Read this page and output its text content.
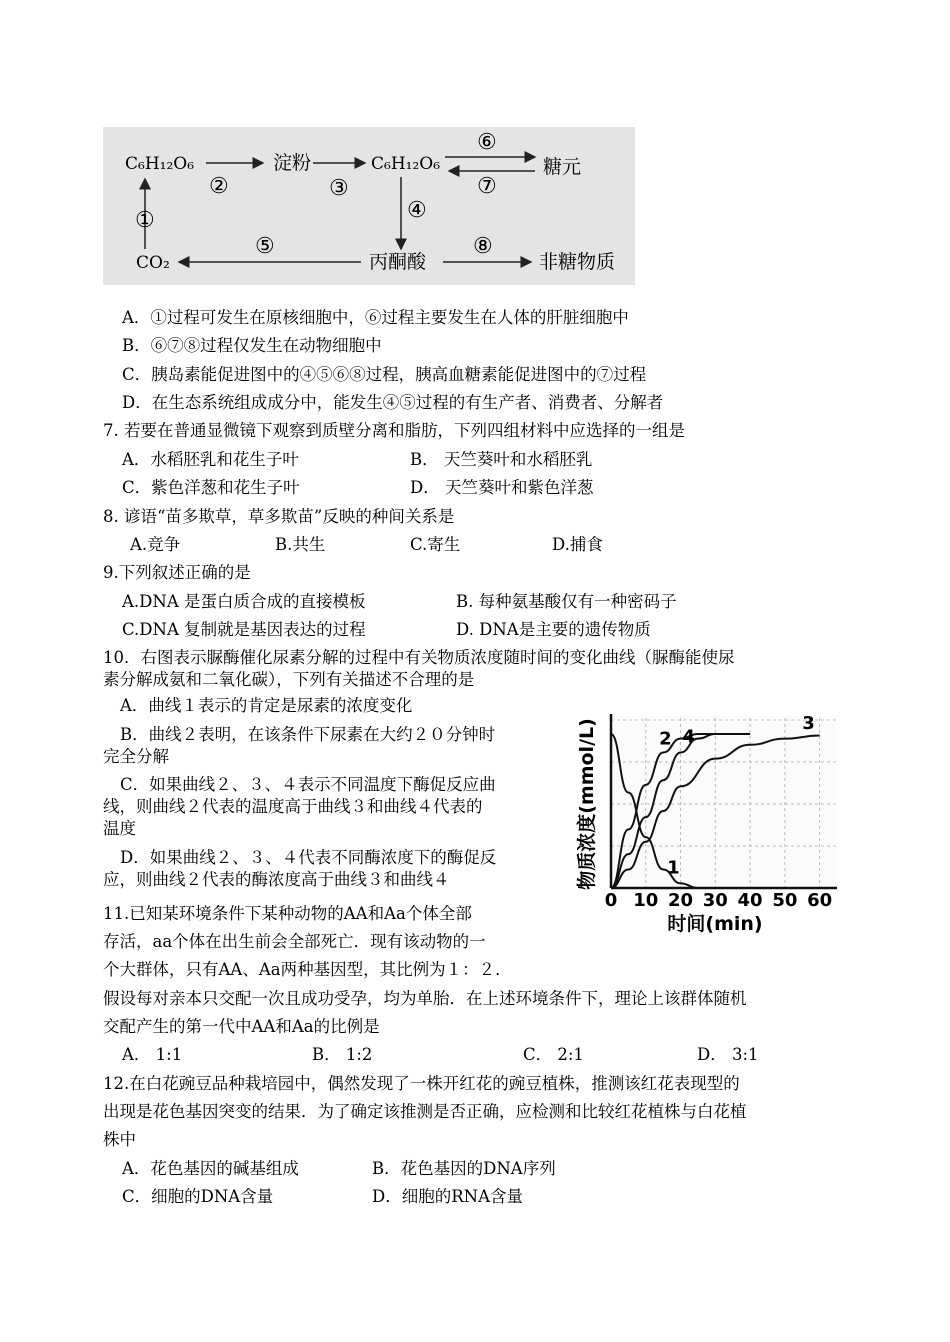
C₆H₁₂O₆	淀粉	C₆H₁₂O₆	糖元
CO₂	丙酮酸	非糖物质
①
②	③
④
⑤
⑥
⑦
⑧
A．①过程可发生在原核细胞中，⑥过程主要发生在人体的肝脏细胞中
B．⑥⑦⑧过程仅发生在动物细胞中
C．胰岛素能促进图中的④⑤⑥⑧过程，胰高血糖素能促进图中的⑦过程
D．在生态系统组成成分中，能发生④⑤过程的有生产者、消费者、分解者
7. 若要在普通显微镜下观察到质壁分离和脂肪，下列四组材料中应选择的一组是
A．水稻胚乳和花生子叶	B． 天竺葵叶和水稻胚乳
C．紫色洋葱和花生子叶	D． 天竺葵叶和紫色洋葱
8. 谚语“苗多欺草，草多欺苗”反映的种间关系是
A.竞争	B.共生	C.寄生	D.捕食
9.下列叙述正确的是
A.DNA 是蛋白质合成的直接模板	B. 每种氨基酸仅有一种密码子
C.DNA 复制就是基因表达的过程	D. DNA是主要的遗传物质
10．右图表示脲酶催化尿素分解的过程中有关物质浓度随时间的变化曲线（脲酶能使尿
素分解成氨和二氧化碳），下列有关描述不合理的是
A．曲线１表示的肯定是尿素的浓度变化
B．曲线２表明，在该条件下尿素在大约２０分钟时
完全分解
C．如果曲线２、３、４表示不同温度下酶促反应曲
线，则曲线２代表的温度高于曲线３和曲线４代表的
温度
D．如果曲线２、３、４代表不同酶浓度下的酶促反
应，则曲线２代表的酶浓度高于曲线３和曲线４
1
2 4
3
0 10 20 30 40 50 60
物质浓度(mmol/L)
时间(min)
11.已知某环境条件下某种动物的AA和Aa个体全部
存活，aa个体在出生前会全部死亡．现有该动物的一
个大群体，只有AA、Aa两种基因型，其比例为１：２．
假设每对亲本只交配一次且成功受孕，均为单胎．在上述环境条件下，理论上该群体随机
交配产生的第一代中AA和Aa的比例是
A． 1:1	B． 1:2	C． 2:1	D． 3:1
12.在白花豌豆品种栽培园中，偶然发现了一株开红花的豌豆植株，推测该红花表现型的
出现是花色基因突变的结果．为了确定该推测是否正确，应检测和比较红花植株与白花植
株中
A．花色基因的碱基组成	B．花色基因的DNA序列
C．细胞的DNA含量	D．细胞的RNA含量
